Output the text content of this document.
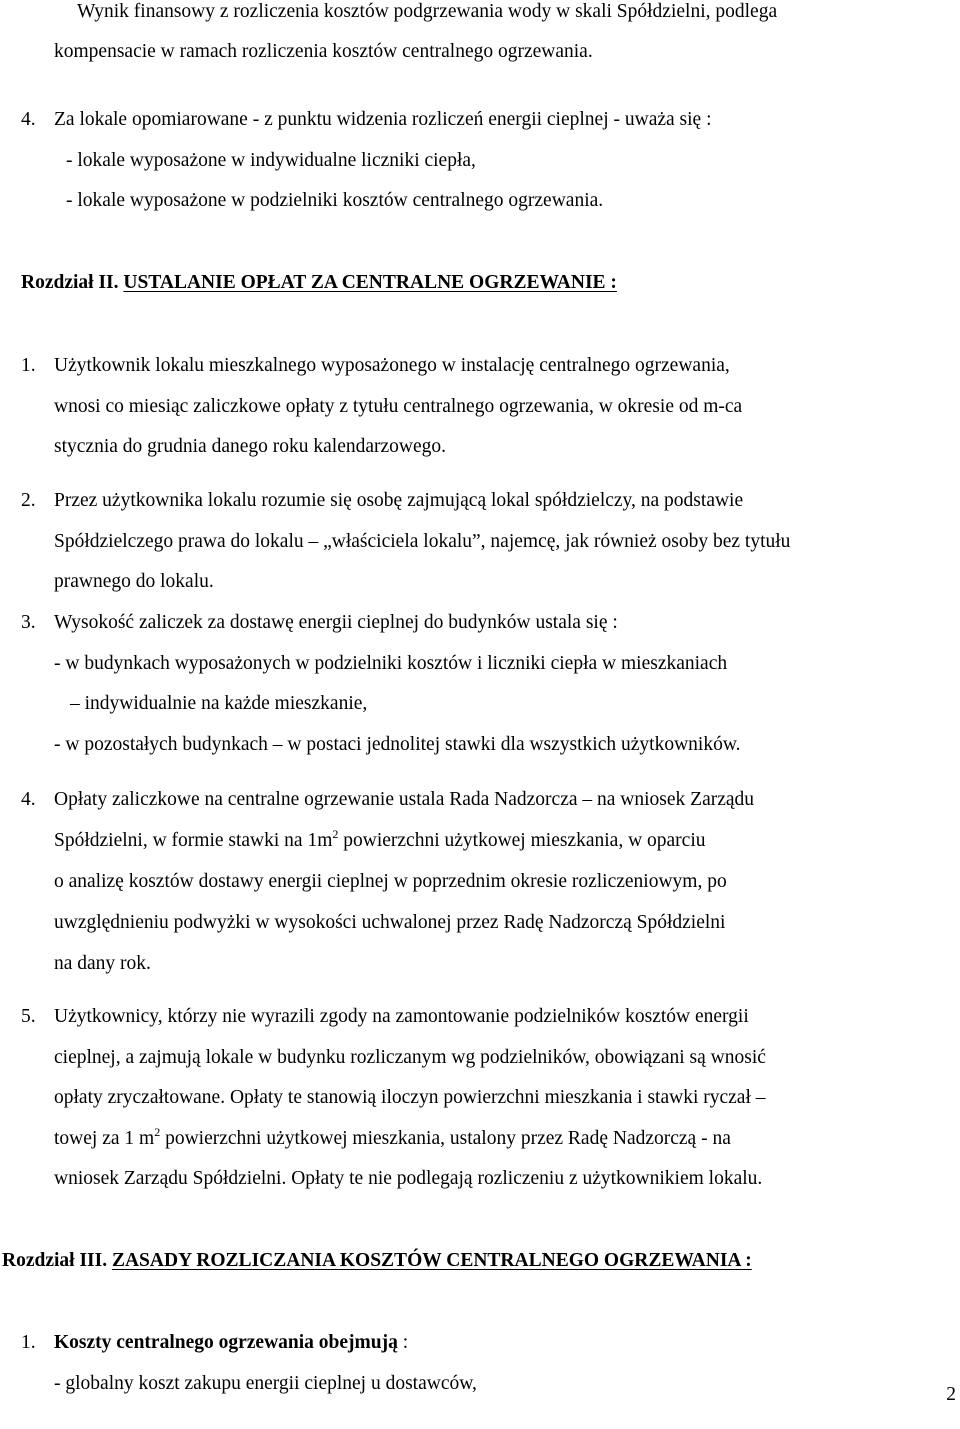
Wynik finansowy z rozliczenia kosztów podgrzewania wody w skali Spółdzielni, podlega

kompensacie w ramach rozliczenia kosztów centralnego ogrzewania.

4. Za lokale opomiarowane - z punktu widzenia rozliczeń energii cieplnej - uważa się :

- lokale wyposażone w indywidualne liczniki ciepła,

- lokale wyposażone w podzielniki kosztów centralnego ogrzewania.

Rozdział II. USTALANIE OPŁAT ZA CENTRALNE OGRZEWANIE :

1. Użytkownik lokalu mieszkalnego wyposażonego w instalację centralnego ogrzewania,

wnosi co miesiąc zaliczkowe opłaty z tytułu centralnego ogrzewania, w okresie od m-ca

stycznia do grudnia danego roku kalendarzowego.

2. Przez użytkownika lokalu rozumie się osobę zajmującą lokal spółdzielczy, na podstawie

Spółdzielczego prawa do lokalu – „właściciela lokalu”, najemcę, jak również osoby bez tytułu

prawnego do lokalu.

3. Wysokość zaliczek za dostawę energii cieplnej do budynków ustala się :

- w budynkach wyposażonych w podzielniki kosztów i liczniki ciepła w mieszkaniach

– indywidualnie na każde mieszkanie,

- w pozostałych budynkach – w postaci jednolitej stawki dla wszystkich użytkowników.

4. Opłaty zaliczkowe na centralne ogrzewanie ustala Rada Nadzorcza – na wniosek Zarządu

Spółdzielni, w formie stawki na $1m^2$ powierzchni użytkowej mieszkania, w oparciu

o analizę kosztów dostawy energii cieplnej w poprzednim okresie rozliczeniowym, po

uwzględnieniu podwyżki w wysokości uchwalonej przez Radę Nadzorczą Spółdzielni

na dany rok.

5. Użytkownicy, którzy nie wyrazili zgody na zamontowanie podzielników kosztów energii

cieplnej, a zajmują lokale w budynku rozliczanym wg podzielników, obowiązani są wnosić

opłaty zryczałtowane. Opłaty te stanowią iloczyn powierzchni mieszkania i stawki ryczał –

towej za 1 $m^2$ powierzchni użytkowej mieszkania, ustalony przez Radę Nadzorczą - na

wniosek Zarządu Spółdzielni. Opłaty te nie podlegają rozliczeniu z użytkownikiem lokalu.

Rozdział III. ZASADY ROZLICZANIA KOSZTÓW CENTRALNEGO OGRZEWANIA :

1. Koszty centralnego ogrzewania obejmują :

- globalny koszt zakupu energii cieplnej u dostawców,

2
